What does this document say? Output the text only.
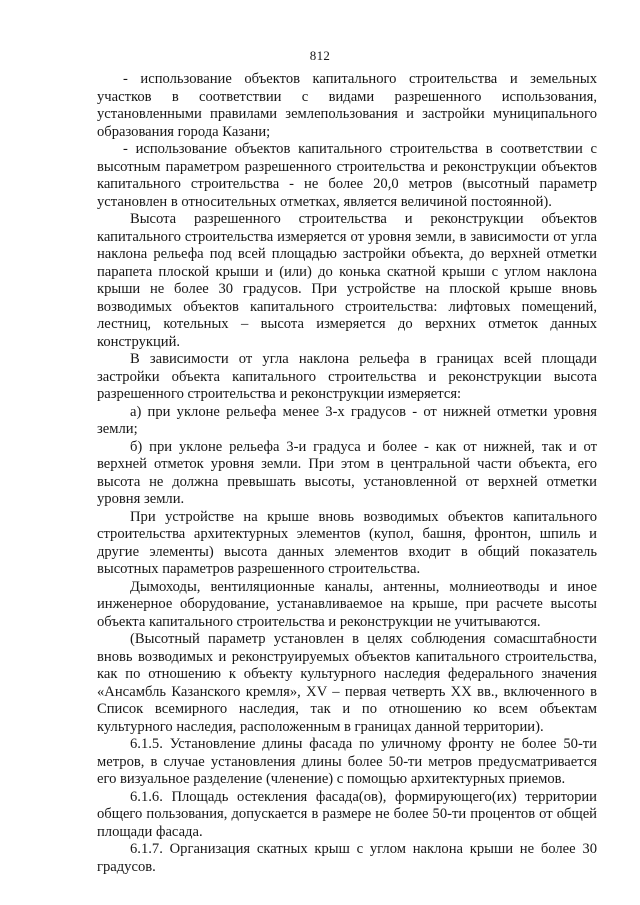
812

- использование объектов капитального строительства и земельных участков в соответствии с видами разрешенного использования, установленными правилами землепользования и застройки муниципального образования города Казани;

- использование объектов капитального строительства в соответствии с высотным параметром разрешенного строительства и реконструкции объектов капитального строительства - не более 20,0 метров (высотный параметр установлен в относительных отметках, является величиной постоянной).

Высота разрешенного строительства и реконструкции объектов капитального строительства измеряется от уровня земли, в зависимости от угла наклона рельефа под всей площадью застройки объекта, до верхней отметки парапета плоской крыши и (или) до конька скатной крыши с углом наклона крыши не более 30 градусов. При устройстве на плоской крыше вновь возводимых объектов капитального строительства: лифтовых помещений, лестниц, котельных – высота измеряется до верхних отметок данных конструкций.

В зависимости от угла наклона рельефа в границах всей площади застройки объекта капитального строительства и реконструкции высота разрешенного строительства и реконструкции измеряется:

а) при уклоне рельефа менее 3-х градусов - от нижней отметки уровня земли;

б) при уклоне рельефа 3-и градуса и более - как от нижней, так и от верхней отметок уровня земли. При этом в центральной части объекта, его высота не должна превышать высоты, установленной от верхней отметки уровня земли.

При устройстве на крыше вновь возводимых объектов капитального строительства архитектурных элементов (купол, башня, фронтон, шпиль и другие элементы) высота данных элементов входит в общий показатель высотных параметров разрешенного строительства.

Дымоходы, вентиляционные каналы, антенны, молниеотводы и иное инженерное оборудование, устанавливаемое на крыше, при расчете высоты объекта капитального строительства и реконструкции не учитываются.

(Высотный параметр установлен в целях соблюдения сомасштабности вновь возводимых и реконструируемых объектов капитального строительства, как по отношению к объекту культурного наследия федерального значения «Ансамбль Казанского кремля», XV – первая четверть XX вв., включенного в Список всемирного наследия, так и по отношению ко всем объектам культурного наследия, расположенным в границах данной территории).

6.1.5. Установление длины фасада по уличному фронту не более 50-ти метров, в случае установления длины более 50-ти метров предусматривается его визуальное разделение (членение) с помощью архитектурных приемов.

6.1.6. Площадь остекления фасада(ов), формирующего(их) территории общего пользования, допускается в размере не более 50-ти процентов от общей площади фасада.

6.1.7. Организация скатных крыш с углом наклона крыши не более 30 градусов.
